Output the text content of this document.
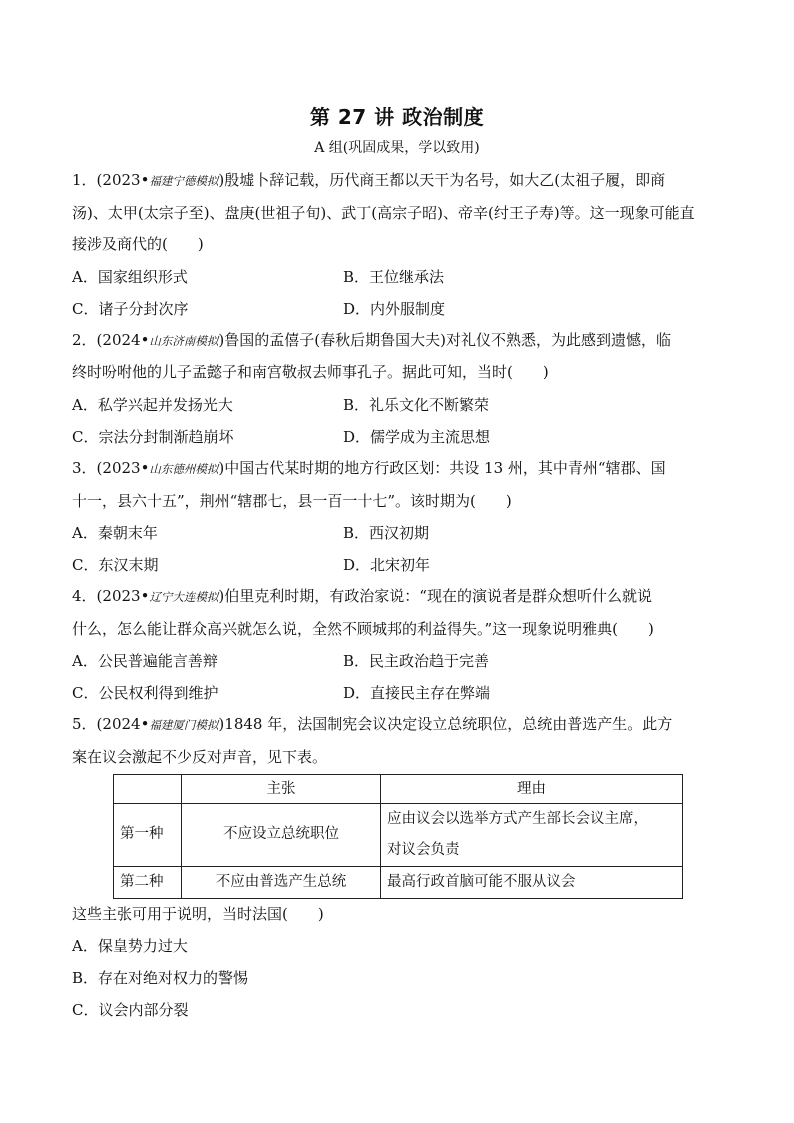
第 27 讲 政治制度
A 组(巩固成果，学以致用)
1．(2023•福建宁德模拟)殷墟卜辞记载，历代商王都以天干为名号，如大乙(太祖子履，即商
汤)、太甲(太宗子至)、盘庚(世祖子旬)、武丁(高宗子昭)、帝辛(纣王子寿)等。这一现象可能直
接涉及商代的(　　)
A．国家组织形式	B．王位继承法
C．诸子分封次序	D．内外服制度
2．(2024•山东济南模拟)鲁国的孟僖子(春秋后期鲁国大夫)对礼仪不熟悉，为此感到遗憾，临
终时吩咐他的儿子孟懿子和南宫敬叔去师事孔子。据此可知，当时(　　)
A．私学兴起并发扬光大	B．礼乐文化不断繁荣
C．宗法分封制渐趋崩坏	D．儒学成为主流思想
3．(2023•山东德州模拟)中国古代某时期的地方行政区划：共设 13 州，其中青州“辖郡、国
十一，县六十五”，荆州“辖郡七，县一百一十七”。该时期为(　　)
A．秦朝末年	B．西汉初期
C．东汉末期	D．北宋初年
4．(2023•辽宁大连模拟)伯里克利时期，有政治家说：“现在的演说者是群众想听什么就说
什么，怎么能让群众高兴就怎么说，全然不顾城邦的利益得失。”这一现象说明雅典(　　)
A．公民普遍能言善辩	B．民主政治趋于完善
C．公民权利得到维护	D．直接民主存在弊端
5．(2024•福建厦门模拟)1848 年，法国制宪会议决定设立总统职位，总统由普选产生。此方
案在议会激起不少反对声音，见下表。
	主张	理由
第一种	不应设立总统职位	应由议会以选举方式产生部长会议主席，
对议会负责

第二种	不应由普选产生总统	最高行政首脑可能不服从议会
这些主张可用于说明，当时法国(　　)
A．保皇势力过大
B．存在对绝对权力的警惕
C．议会内部分裂
